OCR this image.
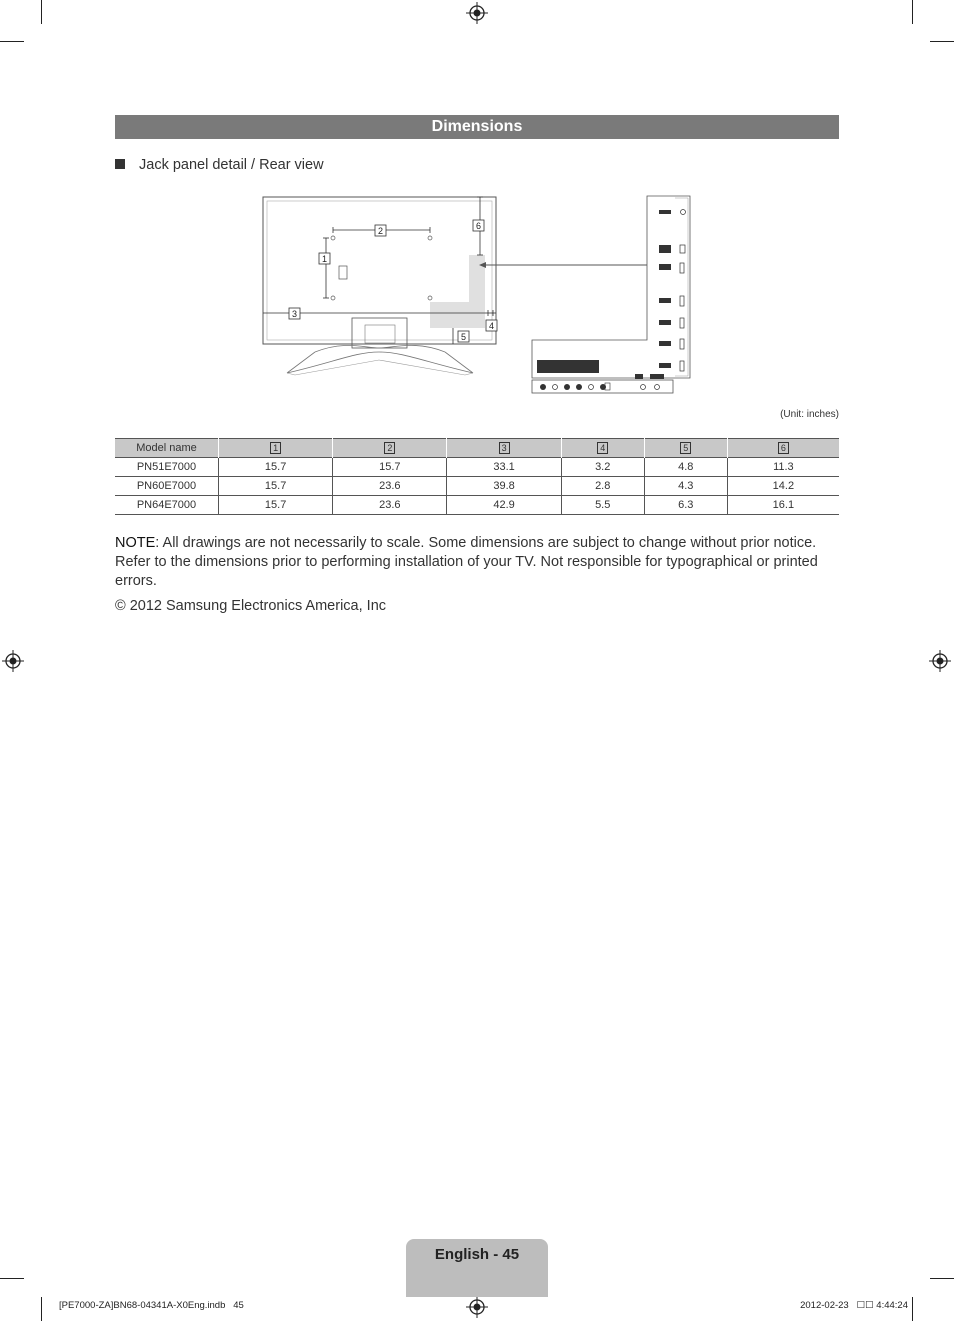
Dimensions
Jack panel detail / Rear view
1
2
3
4
5
6
(Unit: inches)
Model name	1	2	3	4	5	6
PN51E7000	15.7	15.7	33.1	3.2	4.8	11.3
PN60E7000	15.7	23.6	39.8	2.8	4.3	14.2
PN64E7000	15.7	23.6	42.9	5.5	6.3	16.1
NOTE: All drawings are not necessarily to scale. Some dimensions are subject to change without prior notice. Refer to the dimensions prior to performing installation of your TV. Not responsible for typographical or printed errors.
© 2012 Samsung Electronics America, Inc
English - 45
[PE7000-ZA]BN68-04341A-X0Eng.indb   45	2012-02-23   ☐☐ 4:44:24
